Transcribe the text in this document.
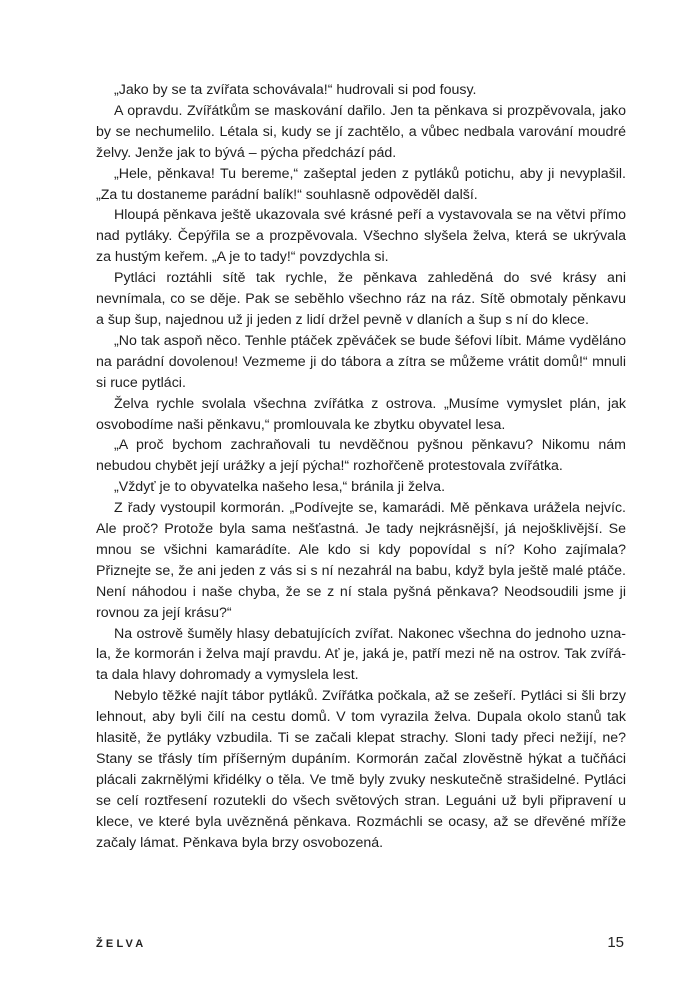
„Jako by se ta zvířata schovávala!“ hudrovali si pod fousy.

A opravdu. Zvířátkům se maskování dařilo. Jen ta pěnkava si prozpěvovala, jako by se nechumelilo. Létala si, kudy se jí zachtělo, a vůbec nedbala varování moudré želvy. Jenže jak to bývá – pýcha předchází pád.

„Hele, pěnkava! Tu bereme,“ zašeptal jeden z pytláků potichu, aby ji nevyplašil. „Za tu dostaneme parádní balík!“ souhlasně odpověděl další.

Hloupá pěnkava ještě ukazovala své krásné peří a vystavovala se na větvi přímo nad pytláky. Čepýřila se a prozpěvovala. Všechno slyšela želva, která se ukrývala za hustým keřem. „A je to tady!“ povzdychla si.

Pytláci roztáhli sítě tak rychle, že pěnkava zahleděná do své krásy ani nevnímala, co se děje. Pak se seběhlo všechno ráz na ráz. Sítě obmotaly pěnkavu a šup šup, najednou už ji jeden z lidí držel pevně v dlaních a šup s ní do klece.

„No tak aspoň něco. Tenhle ptáček zpěváček se bude šéfovi líbit. Máme vyděláno na parádní dovolenou! Vezmeme ji do tábora a zítra se můžeme vrátit domů!“ mnuli si ruce pytláci.

Želva rychle svolala všechna zvířátka z ostrova. „Musíme vymyslet plán, jak osvobodíme naši pěnkavu,“ promlouvala ke zbytku obyvatel lesa.

„A proč bychom zachraňovali tu nevděčnou pyšnou pěnkavu? Nikomu nám nebudou chybět její urážky a její pýcha!“ rozhořčeně protestovala zvířátka.

„Vždyť je to obyvatelka našeho lesa,“ bránila ji želva.

Z řady vystoupil kormorán. „Podívejte se, kamarádi. Mě pěnkava urážela nejvíc. Ale proč? Protože byla sama nešťastná. Je tady nejkrásnější, já nejošklivější. Se mnou se všichni kamarádíte. Ale kdo si kdy popovídal s ní? Koho zajímala? Přiznejte se, že ani jeden z vás si s ní nezahrál na babu, když byla ještě malé ptáče. Není náhodou i naše chyba, že se z ní stala pyšná pěnkava? Neodsoudili jsme ji rovnou za její krásu?“

Na ostrově šuměly hlasy debatujících zvířat. Nakonec všechna do jednoho uznala, že kormorán i želva mají pravdu. Ať je, jaká je, patří mezi ně na ostrov. Tak zvířáta dala hlavy dohromady a vymyslela lest.

Nebylo těžké najít tábor pytláků. Zvířátka počkala, až se zešeří. Pytláci si šli brzy lehnout, aby byli čilí na cestu domů. V tom vyrazila želva. Dupala okolo stanů tak hlasitě, že pytláky vzbudila. Ti se začali klepat strachy. Sloni tady přeci nežijí, ne? Stany se třásly tím příšerným dupáním. Kormorán začal zlověstně hýkat a tučňáci plácali zakrnělými křidélky o těla. Ve tmě byly zvuky neskutečně strašidelné. Pytláci se celí roztřesení rozutekli do všech světových stran. Leguáni už byli připravení u klece, ve které byla uvězněná pěnkava. Rozmáchli se ocasy, až se dřevěné mříže začaly lámat. Pěnkava byla brzy osvobozená.

ŽELVA	15
